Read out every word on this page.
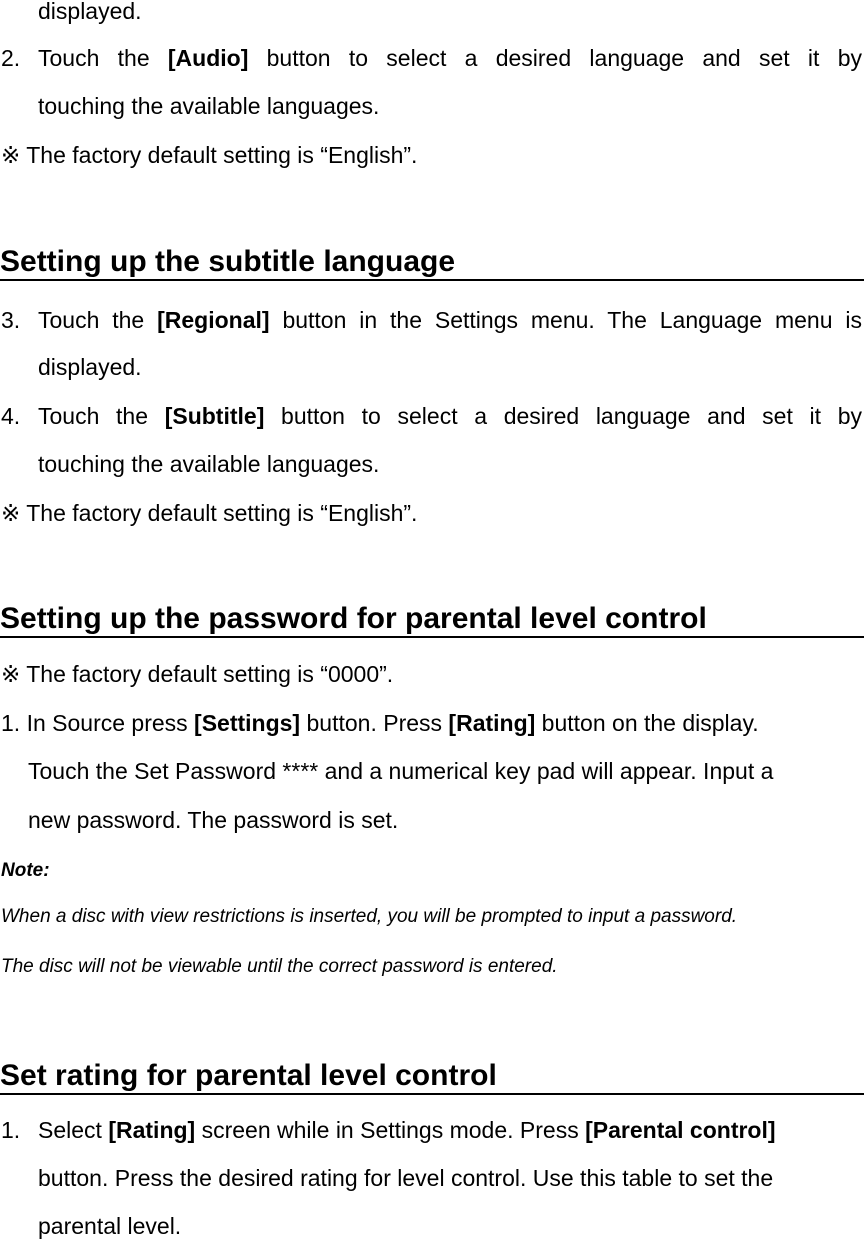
displayed.
2. Touch the [Audio] button to select a desired language and set it by
touching the available languages.
※ The factory default setting is “English”.
Setting up the subtitle language
3. Touch the [Regional] button in the Settings menu. The Language menu is
displayed.
4. Touch the [Subtitle] button to select a desired language and set it by
touching the available languages.
※ The factory default setting is “English”.
Setting up the password for parental level control
※ The factory default setting is “0000”.
1. In Source press [Settings] button. Press [Rating] button on the display.
Touch the Set Password **** and a numerical key pad will appear. Input a
new password. The password is set.
Note:
When a disc with view restrictions is inserted, you will be prompted to input a password.
The disc will not be viewable until the correct password is entered.
Set rating for parental level control
1. Select [Rating] screen while in Settings mode. Press [Parental control]
button. Press the desired rating for level control. Use this table to set the
parental level.
